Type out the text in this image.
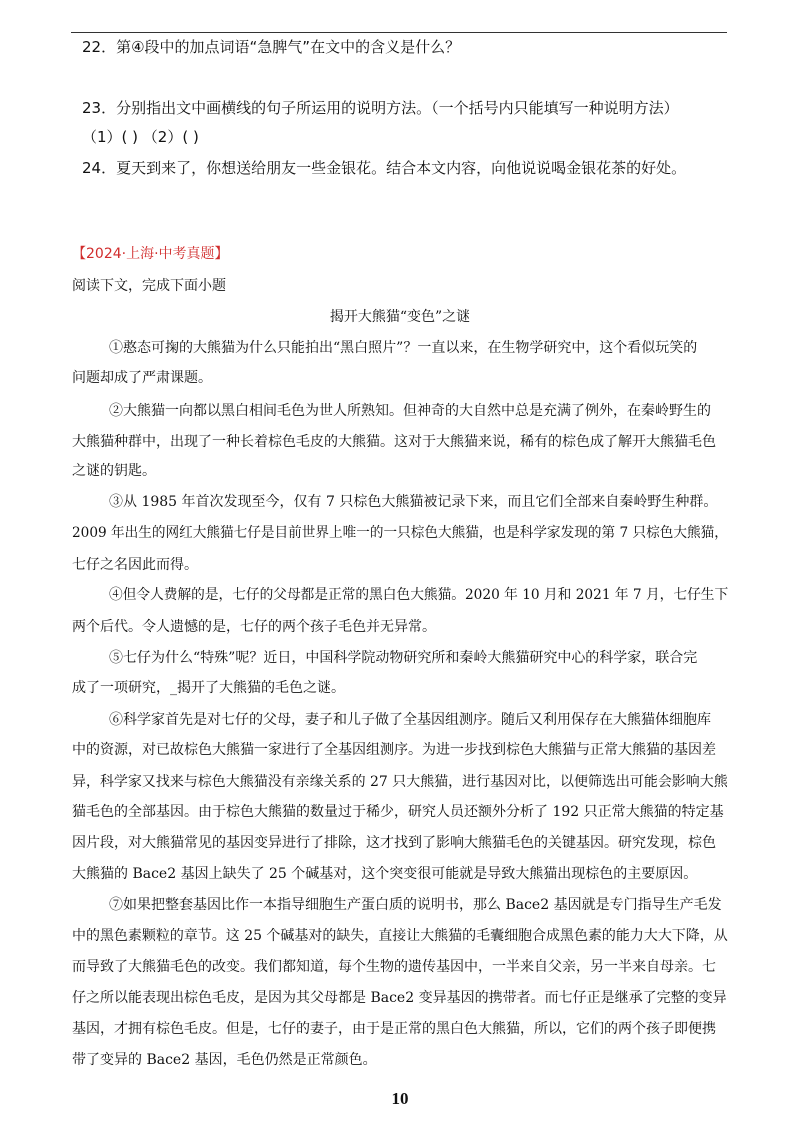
22．第④段中的加点词语“急脾气”在文中的含义是什么？
23．分别指出文中画横线的句子所运用的说明方法。（一个括号内只能填写一种说明方法）
（1）( ) （2）( )
24．夏天到来了，你想送给朋友一些金银花。结合本文内容，向他说说喝金银花茶的好处。
【2024·上海·中考真题】
阅读下文，完成下面小题
揭开大熊猫“变色”之谜
①憨态可掬的大熊猫为什么只能拍出“黑白照片”？一直以来，在生物学研究中，这个看似玩笑的
问题却成了严肃课题。
②大熊猫一向都以黑白相间毛色为世人所熟知。但神奇的大自然中总是充满了例外，在秦岭野生的
大熊猫种群中，出现了一种长着棕色毛皮的大熊猫。这对于大熊猫来说，稀有的棕色成了解开大熊猫毛色
之谜的钥匙。
③从 1985 年首次发现至今，仅有 7 只棕色大熊猫被记录下来，而且它们全部来自秦岭野生种群。
2009 年出生的网红大熊猫七仔是目前世界上唯一的一只棕色大熊猫，也是科学家发现的第 7 只棕色大熊猫，
七仔之名因此而得。
④但令人费解的是，七仔的父母都是正常的黑白色大熊猫。2020 年 10 月和 2021 年 7 月，七仔生下
两个后代。令人遗憾的是，七仔的两个孩子毛色并无异常。
⑤七仔为什么“特殊”呢？近日，中国科学院动物研究所和秦岭大熊猫研究中心的科学家，联合完
成了一项研究，_揭开了大熊猫的毛色之谜。
⑥科学家首先是对七仔的父母，妻子和儿子做了全基因组测序。随后又利用保存在大熊猫体细胞库
中的资源，对已故棕色大熊猫一家进行了全基因组测序。为进一步找到棕色大熊猫与正常大熊猫的基因差
异，科学家又找来与棕色大熊猫没有亲缘关系的 27 只大熊猫，进行基因对比，以便筛选出可能会影响大熊
猫毛色的全部基因。由于棕色大熊猫的数量过于稀少，研究人员还额外分析了 192 只正常大熊猫的特定基
因片段，对大熊猫常见的基因变异进行了排除，这才找到了影响大熊猫毛色的关键基因。研究发现，棕色
大熊猫的 Bace2 基因上缺失了 25 个碱基对，这个突变很可能就是导致大熊猫出现棕色的主要原因。
⑦如果把整套基因比作一本指导细胞生产蛋白质的说明书，那么 Bace2 基因就是专门指导生产毛发
中的黑色素颗粒的章节。这 25 个碱基对的缺失，直接让大熊猫的毛囊细胞合成黑色素的能力大大下降，从
而导致了大熊猫毛色的改变。我们都知道，每个生物的遗传基因中，一半来自父亲，另一半来自母亲。七
仔之所以能表现出棕色毛皮，是因为其父母都是 Bace2 变异基因的携带者。而七仔正是继承了完整的变异
基因，才拥有棕色毛皮。但是，七仔的妻子，由于是正常的黑白色大熊猫，所以，它们的两个孩子即便携
带了变异的 Bace2 基因，毛色仍然是正常颜色。
10
